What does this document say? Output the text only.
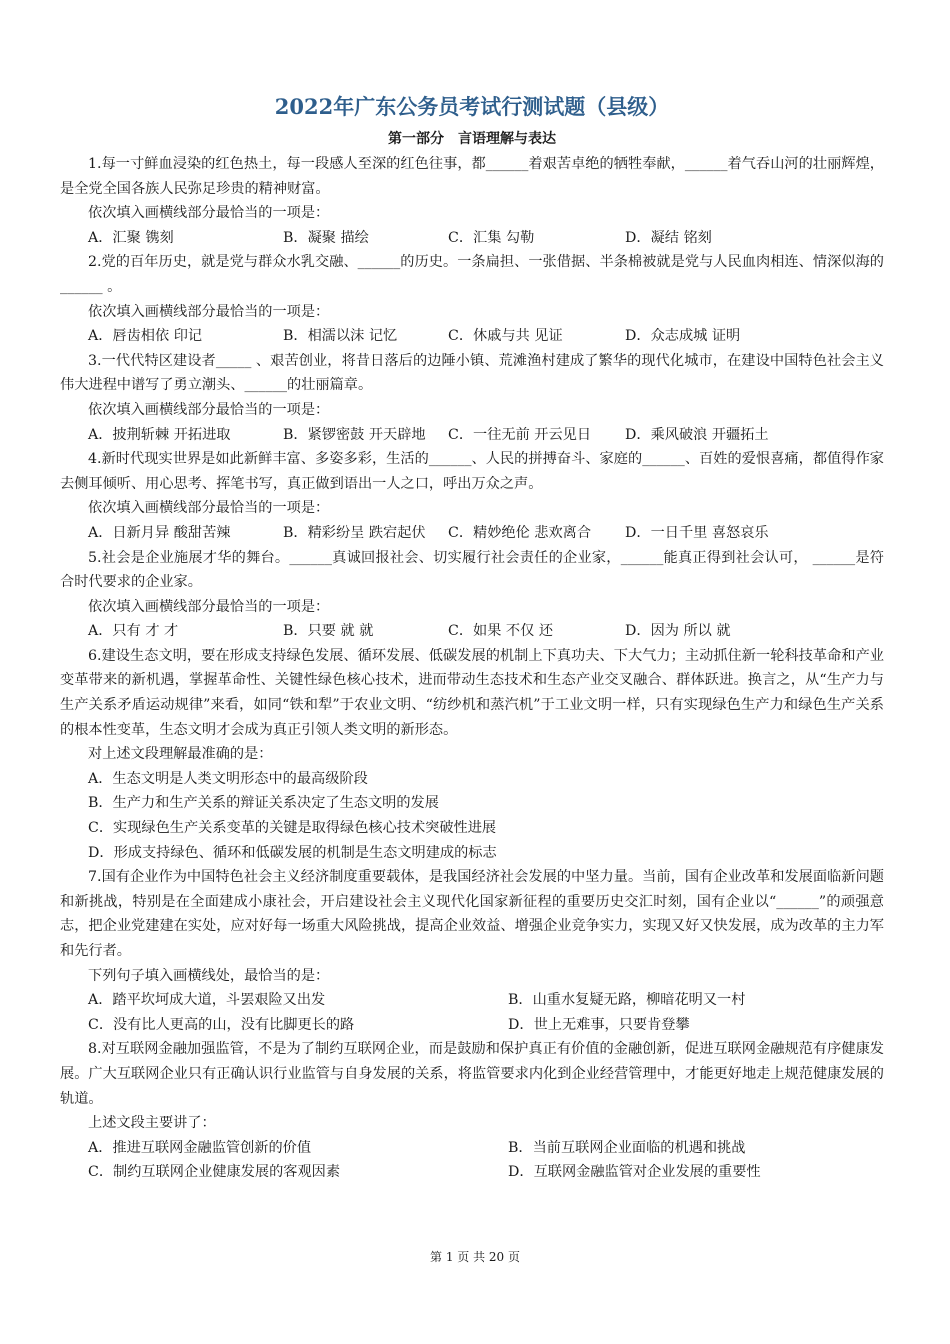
2022年广东公务员考试行测试题（县级）
第一部分　言语理解与表达

1.每一寸鲜血浸染的红色热土，每一段感人至深的红色往事，都______着艰苦卓绝的牺牲奉献，______着气吞山河的壮丽辉煌，是全党全国各族人民弥足珍贵的精神财富。

依次填入画横线部分最恰当的一项是：

A．汇聚 镌刻	B．凝聚 描绘	C．汇集 勾勒	D．凝结 铭刻

2.党的百年历史，就是党与群众水乳交融、______的历史。一条扁担、一张借据、半条棉被就是党与人民血肉相连、情深似海的______ 。

依次填入画横线部分最恰当的一项是：

A．唇齿相依 印记	B．相濡以沫 记忆	C．休戚与共 见证	D．众志成城 证明

3.一代代特区建设者_____ 、艰苦创业，将昔日落后的边陲小镇、荒滩渔村建成了繁华的现代化城市，在建设中国特色社会主义伟大进程中谱写了勇立潮头、______的壮丽篇章。

依次填入画横线部分最恰当的一项是：

A．披荆斩棘 开拓进取	B．紧锣密鼓 开天辟地	C．一往无前 开云见日	D．乘风破浪 开疆拓土

4.新时代现实世界是如此新鲜丰富、多姿多彩，生活的______、人民的拼搏奋斗、家庭的______、百姓的爱恨喜痛，都值得作家去侧耳倾听、用心思考、挥笔书写，真正做到语出一人之口，呼出万众之声。

依次填入画横线部分最恰当的一项是：

A．日新月异 酸甜苦辣	B．精彩纷呈 跌宕起伏	C．精妙绝伦 悲欢离合	D．一日千里 喜怒哀乐

5.社会是企业施展才华的舞台。______真诚回报社会、切实履行社会责任的企业家，______能真正得到社会认可， ______是符合时代要求的企业家。

依次填入画横线部分最恰当的一项是：

A．只有 才 才	B．只要 就 就	C．如果 不仅 还	D．因为 所以 就

6.建设生态文明，要在形成支持绿色发展、循环发展、低碳发展的机制上下真功夫、下大气力；主动抓住新一轮科技革命和产业变革带来的新机遇，掌握革命性、关键性绿色核心技术，进而带动生态技术和生态产业交叉融合、群体跃进。换言之，从“生产力与生产关系矛盾运动规律”来看，如同“铁和犁”于农业文明、“纺纱机和蒸汽机”于工业文明一样，只有实现绿色生产力和绿色生产关系的根本性变革，生态文明才会成为真正引领人类文明的新形态。

对上述文段理解最准确的是：

A．生态文明是人类文明形态中的最高级阶段

B．生产力和生产关系的辩证关系决定了生态文明的发展

C．实现绿色生产关系变革的关键是取得绿色核心技术突破性进展

D．形成支持绿色、循环和低碳发展的机制是生态文明建成的标志

7.国有企业作为中国特色社会主义经济制度重要载体，是我国经济社会发展的中坚力量。当前，国有企业改革和发展面临新问题和新挑战，特别是在全面建成小康社会，开启建设社会主义现代化国家新征程的重要历史交汇时刻，国有企业以“______”的顽强意志，把企业党建建在实处，应对好每一场重大风险挑战，提高企业效益、增强企业竞争实力，实现又好又快发展，成为改革的主力军和先行者。

下列句子填入画横线处，最恰当的是：

A．踏平坎坷成大道，斗罢艰险又出发	B．山重水复疑无路，柳暗花明又一村
C．没有比人更高的山，没有比脚更长的路	D．世上无难事，只要肯登攀

8.对互联网金融加强监管，不是为了制约互联网企业，而是鼓励和保护真正有价值的金融创新，促进互联网金融规范有序健康发展。广大互联网企业只有正确认识行业监管与自身发展的关系，将监管要求内化到企业经营管理中，才能更好地走上规范健康发展的轨道。

上述文段主要讲了：

A．推进互联网金融监管创新的价值	B．当前互联网企业面临的机遇和挑战
C．制约互联网企业健康发展的客观因素	D．互联网金融监管对企业发展的重要性
第 1 页 共 20 页
